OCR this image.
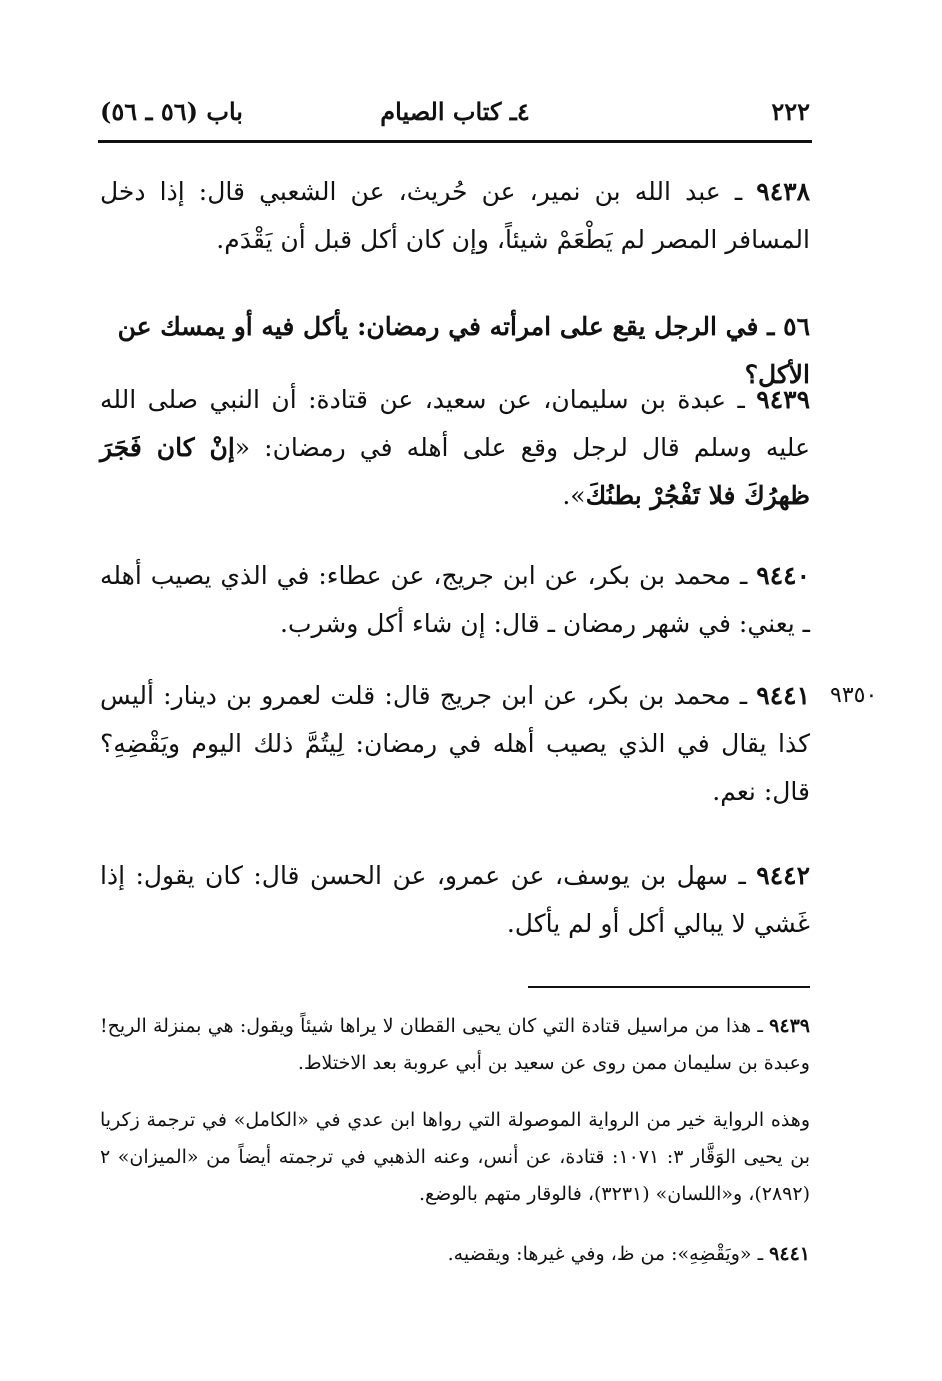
٢٢٢
٤ـ كتاب الصيام
باب (٥٦ ـ ٥٦)

٩٤٣٨ ـ عبد الله بن نمير، عن حُريث، عن الشعبي قال: إذا دخل المسافر المصر لم يَطْعَمْ شيئاً، وإن كان أكل قبل أن يَقْدَم.

٥٦ ـ في الرجل يقع على امرأته في رمضان: يأكل فيه أو يمسك عن الأكل؟

٩٤٣٩ ـ عبدة بن سليمان، عن سعيد، عن قتادة: أن النبي صلى الله عليه وسلم قال لرجل وقع على أهله في رمضان: «إنْ كان فَجَرَ ظهرُكَ فلا تَفْجُرْ بطنُكَ».

٩٤٤٠ ـ محمد بن بكر، عن ابن جريج، عن عطاء: في الذي يصيب أهله ـ يعني: في شهر رمضان ـ قال: إن شاء أكل وشرب.

٩٤٤١ ـ محمد بن بكر، عن ابن جريج قال: قلت لعمرو بن دينار: أليس كذا يقال في الذي يصيب أهله في رمضان: لِيتُمَّ ذلك اليوم ويَقْضِهِ؟ قال: نعم.

٩٣٥٠

٩٤٤٢ ـ سهل بن يوسف، عن عمرو، عن الحسن قال: كان يقول: إذا غَشي لا يبالي أكل أو لم يأكل.

٩٤٣٩ ـ هذا من مراسيل قتادة التي كان يحيى القطان لا يراها شيئاً ويقول: هي بمنزلة الريح! وعبدة بن سليمان ممن روى عن سعيد بن أبي عروبة بعد الاختلاط.

وهذه الرواية خير من الرواية الموصولة التي رواها ابن عدي في «الكامل» في ترجمة زكريا بن يحيى الوَقَّار ٣: ١٠٧١: قتادة، عن أنس، وعنه الذهبي في ترجمته أيضاً من «الميزان» ٢ (٢٨٩٢)، و«اللسان» (٣٢٣١)، فالوقار متهم بالوضع.

٩٤٤١ ـ «ويَقْضِهِ»: من ظ، وفي غيرها: ويقضيه.
